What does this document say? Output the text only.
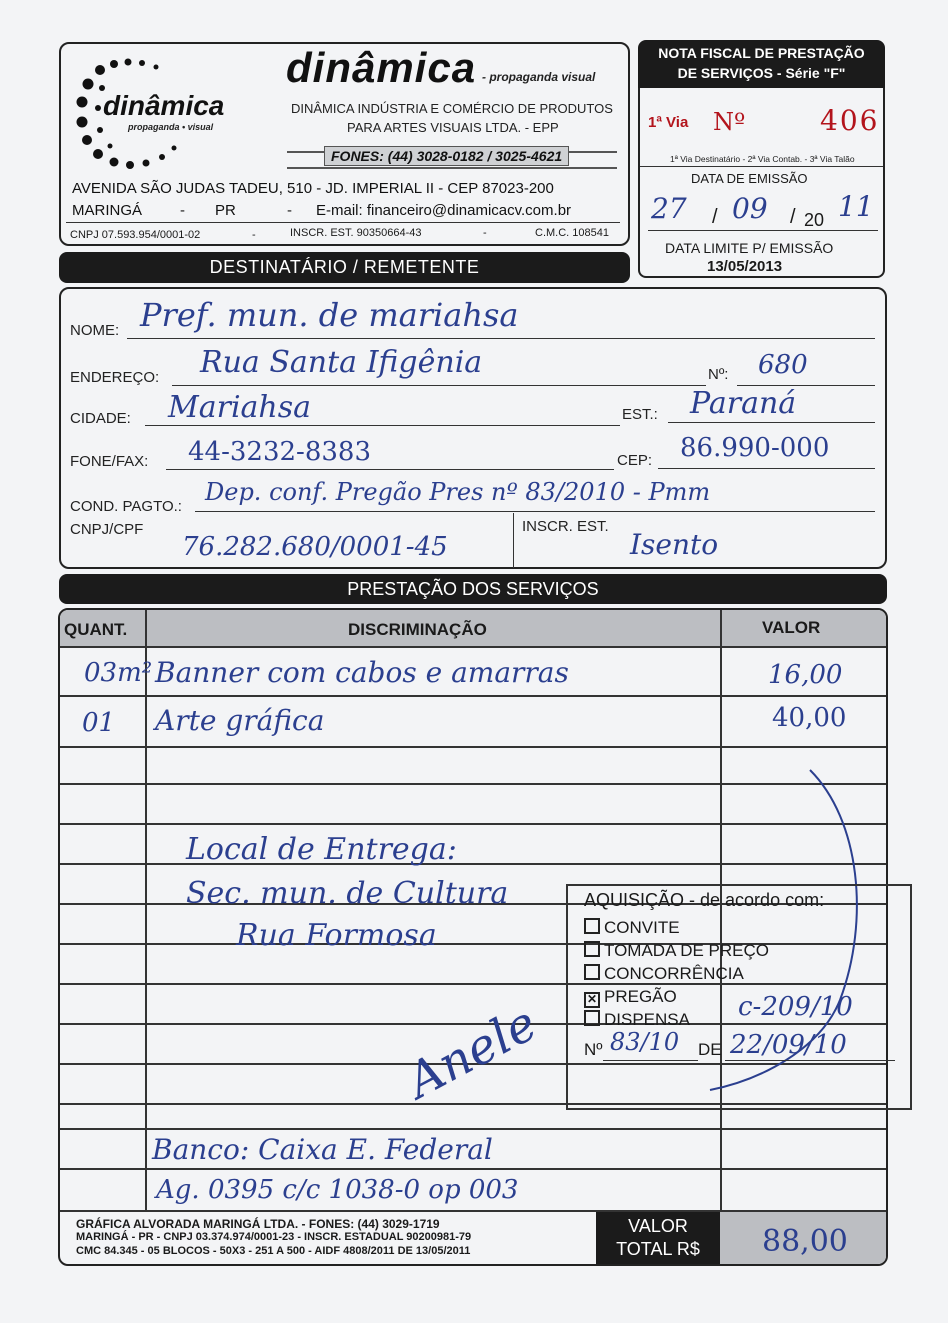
dinâmica
propaganda • visual
dinâmica - propaganda visual
DINÂMICA INDÚSTRIA E COMÉRCIO DE PRODUTOS
PARA ARTES VISUAIS LTDA. - EPP
FONES: (44) 3028-0182 / 3025-4621
AVENIDA SÃO JUDAS TADEU, 510 - JD. IMPERIAL II - CEP 87023-200
MARINGÁ	- PR	- E-mail: financeiro@dinamicacv.com.br
CNPJ 07.593.954/0001-02	-	INSCR. EST. 90350664-43	-	C.M.C. 108541
NOTA FISCAL DE PRESTAÇÃO
DE SERVIÇOS - Série "F"
1ª Via Nº	406
1ª Via Destinatário - 2ª Via Contab. - 3ª Via Talão
DATA DE EMISSÃO
27 / 09 / 20 11
DATA LIMITE P/ EMISSÃO
13/05/2013
DESTINATÁRIO / REMETENTE
NOME: Pref. mun. de mariahsa
ENDEREÇO: Rua Santa Ifigênia	Nº: 680
CIDADE: Mariahsa	EST.: Paraná
FONE/FAX: 44-3232-8383	CEP: 86.990-000
COND. PAGTO.:
Dep. conf. Pregão Pres nº 83/2010 - Pmm
CNPJ/CPF
76.282.680/0001-45
INSCR. EST.
Isento
PRESTAÇÃO DOS SERVIÇOS
QUANT.	DISCRIMINAÇÃO	VALOR
03m² Banner com cabos e amarras	16,00
01 Arte gráfica	40,00
Local de Entrega:
Sec. mun. de Cultura
Rua Formosa
AQUISIÇÃO - de acordo com:
CONVITE
TOMADA DE PREÇO
CONCORRÊNCIA
✕ PREGÃO
DISPENSA c-209/10
Nº 83/10 DE 22/09/10
Anele
Banco: Caixa E. Federal
Ag. 0395 c/c 1038-0 op 003
GRÁFICA ALVORADA MARINGÁ LTDA. - FONES: (44) 3029-1719
MARINGÁ - PR - CNPJ 03.374.974/0001-23 - INSCR. ESTADUAL 90200981-79
CMC 84.345 - 05 BLOCOS - 50X3 - 251 A 500 - AIDF 4808/2011 DE 13/05/2011
VALOR
TOTAL R$	88,00
